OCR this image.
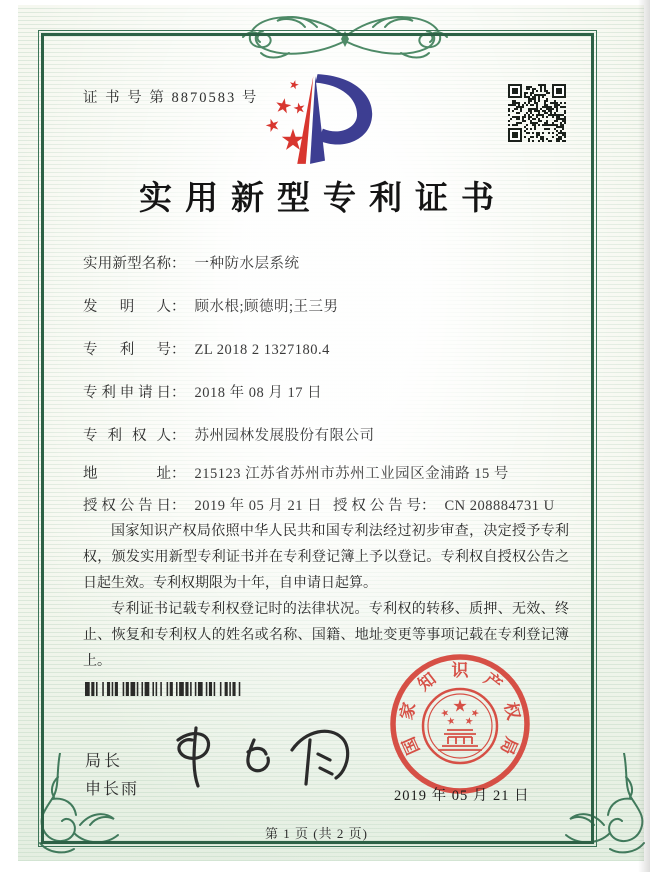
证 书 号 第 8870583 号
实用新型专利证书
实用新型名称： 一种防水层系统
发明人： 顾水根;顾德明;王三男
专利号： ZL 2018 2 1327180.4
专利申请日： 2018 年 08 月 17 日
专利权人： 苏州园林发展股份有限公司
地址： 215123 江苏省苏州市苏州工业园区金浦路 15 号
授权公告日： 2019 年 05 月 21 日 授权公告号： CN 208884731 U

国家知识产权局依照中华人民共和国专利法经过初步审查，决定授予专利权，颁发实用新型专利证书并在专利登记簿上予以登记。专利权自授权公告之日起生效。专利权期限为十年，自申请日起算。

专利证书记载专利权登记时的法律状况。专利权的转移、质押、无效、终止、恢复和专利权人的姓名或名称、国籍、地址变更等事项记载在专利登记簿上。

局长
申长雨
国
家
知 识 产
权
局
2019 年 05 月 21 日
第 1 页 (共 2 页)
